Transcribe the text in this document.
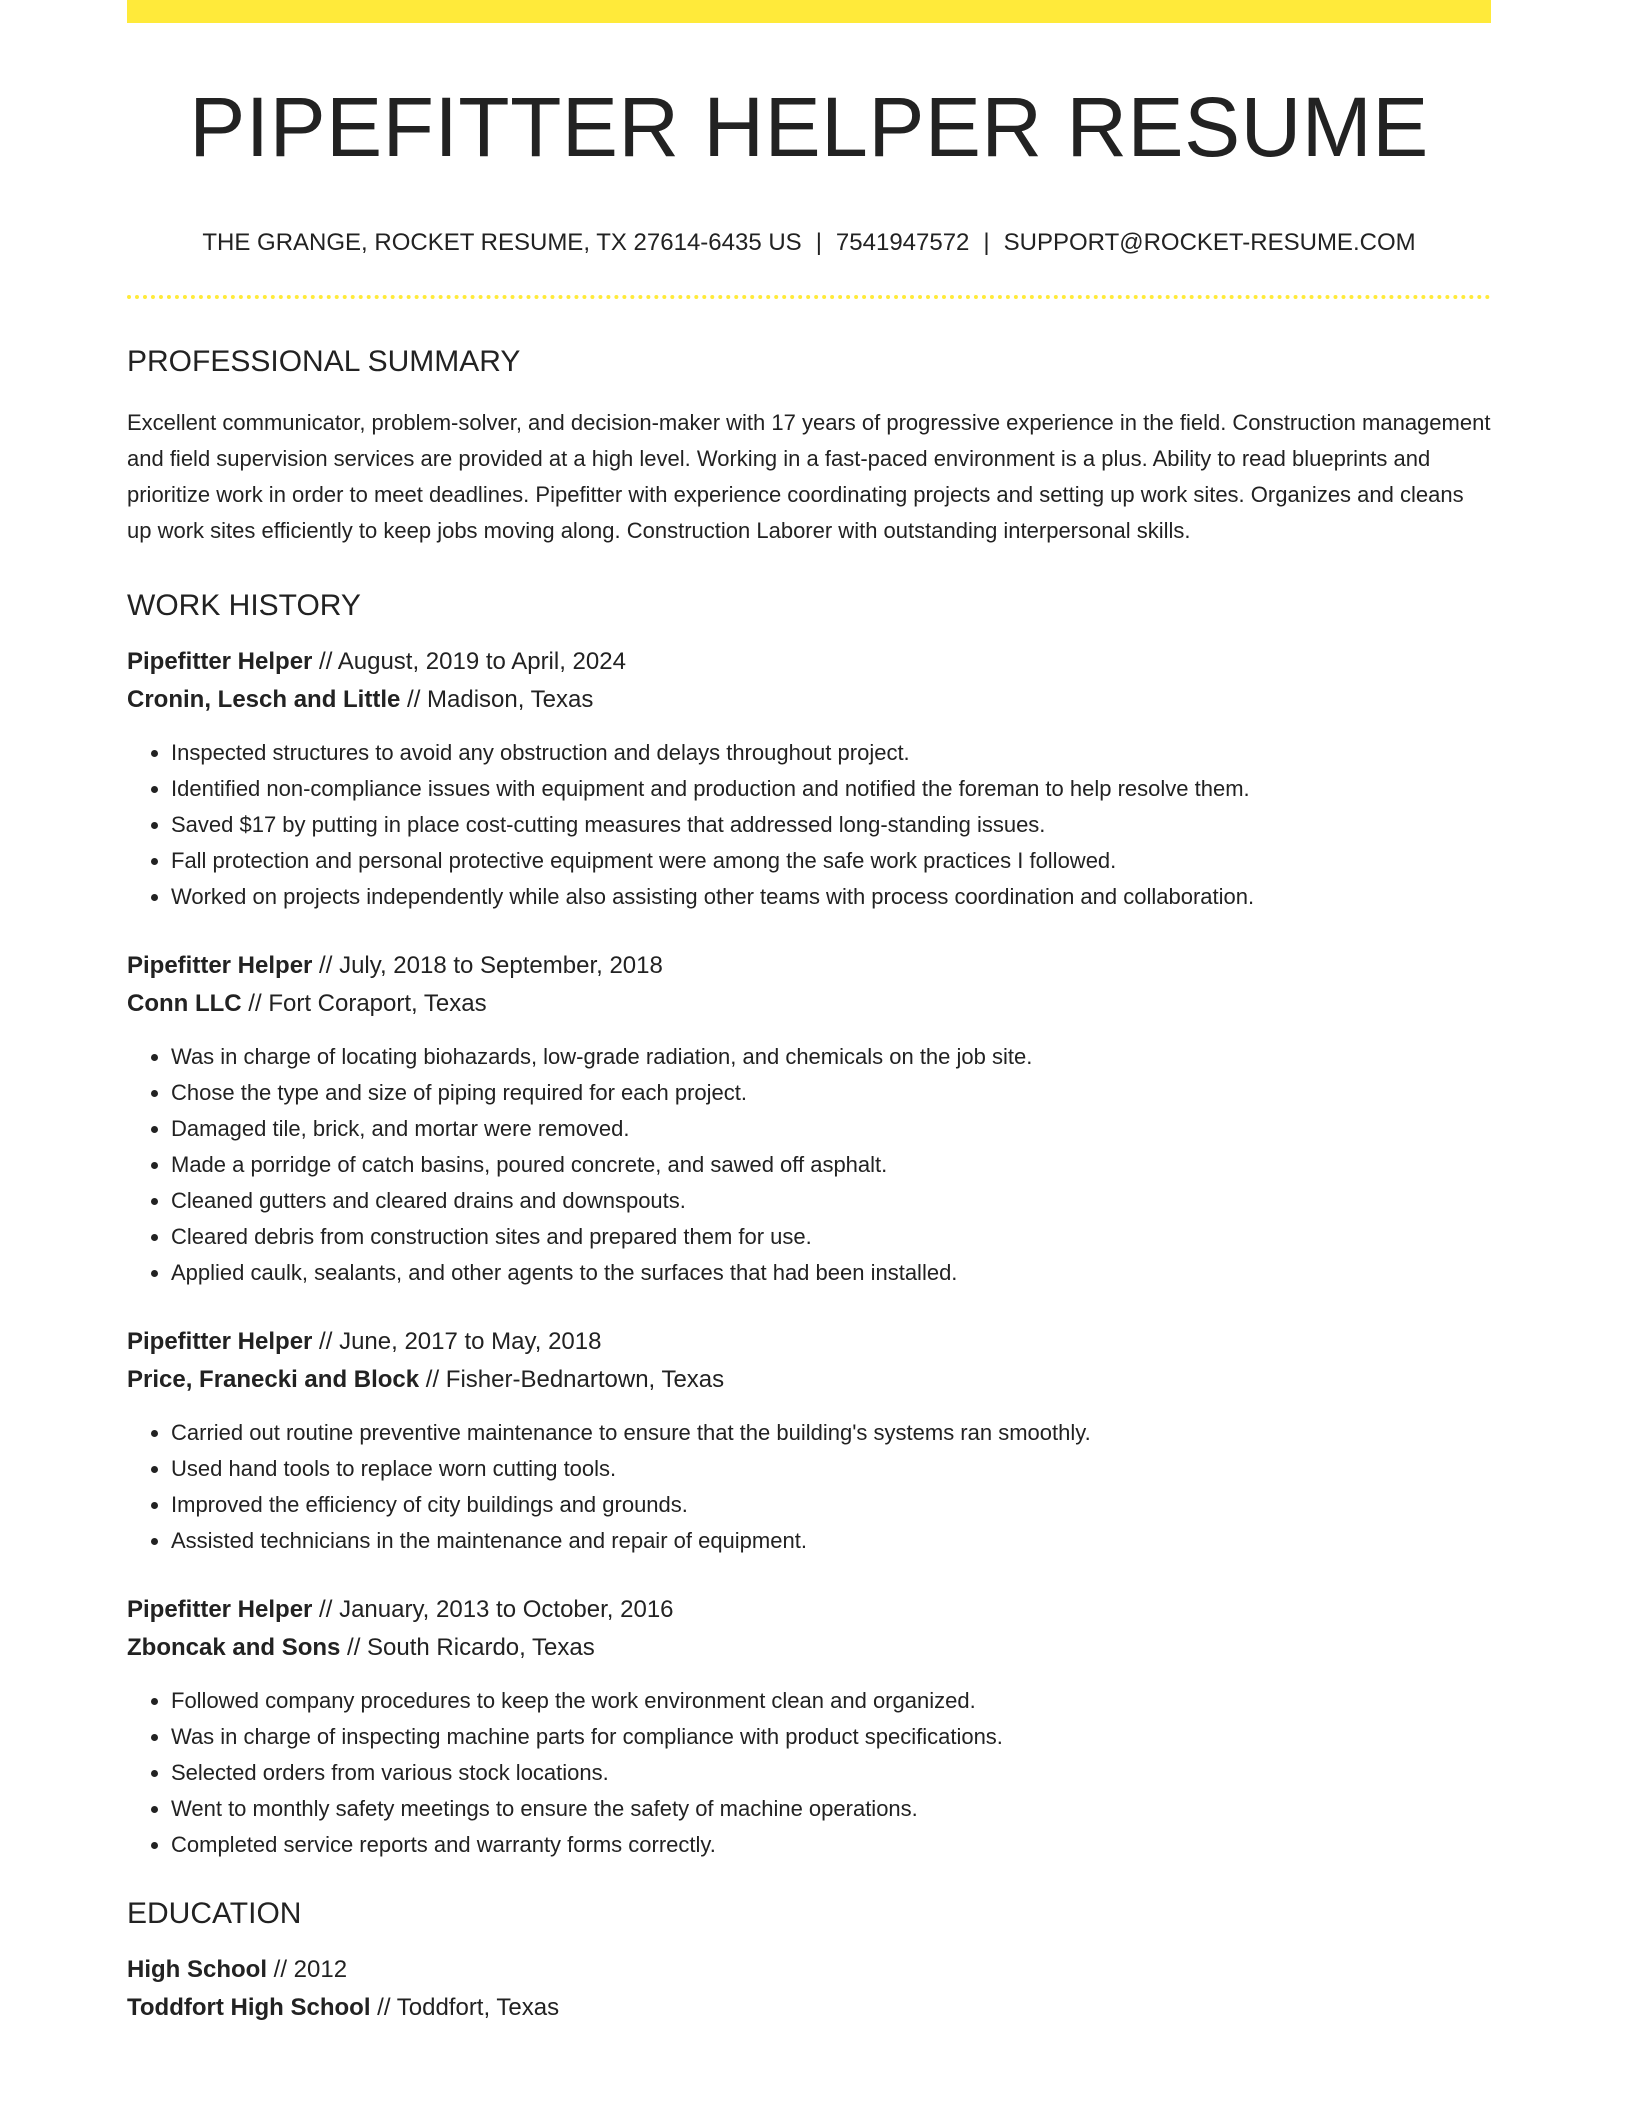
PIPEFITTER HELPER RESUME
THE GRANGE, ROCKET RESUME, TX 27614-6435 US | 7541947572 | SUPPORT@ROCKET-RESUME.COM
PROFESSIONAL SUMMARY
Excellent communicator, problem-solver, and decision-maker with 17 years of progressive experience in the field. Construction management and field supervision services are provided at a high level. Working in a fast-paced environment is a plus. Ability to read blueprints and prioritize work in order to meet deadlines. Pipefitter with experience coordinating projects and setting up work sites. Organizes and cleans up work sites efficiently to keep jobs moving along. Construction Laborer with outstanding interpersonal skills.
WORK HISTORY
Pipefitter Helper // August, 2019 to April, 2024
Cronin, Lesch and Little // Madison, Texas
• Inspected structures to avoid any obstruction and delays throughout project.
• Identified non-compliance issues with equipment and production and notified the foreman to help resolve them.
• Saved $17 by putting in place cost-cutting measures that addressed long-standing issues.
• Fall protection and personal protective equipment were among the safe work practices I followed.
• Worked on projects independently while also assisting other teams with process coordination and collaboration.
Pipefitter Helper // July, 2018 to September, 2018
Conn LLC // Fort Coraport, Texas
• Was in charge of locating biohazards, low-grade radiation, and chemicals on the job site.
• Chose the type and size of piping required for each project.
• Damaged tile, brick, and mortar were removed.
• Made a porridge of catch basins, poured concrete, and sawed off asphalt.
• Cleaned gutters and cleared drains and downspouts.
• Cleared debris from construction sites and prepared them for use.
• Applied caulk, sealants, and other agents to the surfaces that had been installed.
Pipefitter Helper // June, 2017 to May, 2018
Price, Franecki and Block // Fisher-Bednartown, Texas
• Carried out routine preventive maintenance to ensure that the building's systems ran smoothly.
• Used hand tools to replace worn cutting tools.
• Improved the efficiency of city buildings and grounds.
• Assisted technicians in the maintenance and repair of equipment.
Pipefitter Helper // January, 2013 to October, 2016
Zboncak and Sons // South Ricardo, Texas
• Followed company procedures to keep the work environment clean and organized.
• Was in charge of inspecting machine parts for compliance with product specifications.
• Selected orders from various stock locations.
• Went to monthly safety meetings to ensure the safety of machine operations.
• Completed service reports and warranty forms correctly.
EDUCATION
High School // 2012
Toddfort High School // Toddfort, Texas
